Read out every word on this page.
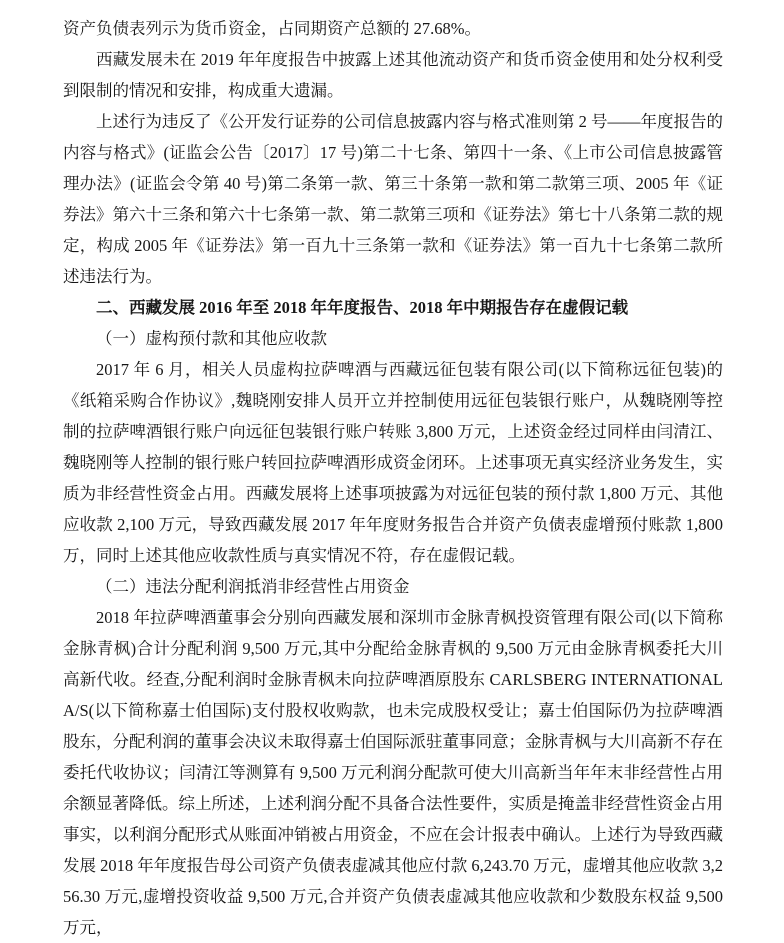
资产负债表列示为货币资金，占同期资产总额的 27.68%。

西藏发展未在 2019 年年度报告中披露上述其他流动资产和货币资金使用和处分权利受到限制的情况和安排，构成重大遗漏。

上述行为违反了《公开发行证券的公司信息披露内容与格式准则第 2 号——年度报告的内容与格式》(证监会公告〔2017〕17 号)第二十七条、第四十一条、《上市公司信息披露管理办法》(证监会令第 40 号)第二条第一款、第三十条第一款和第二款第三项、2005 年《证券法》第六十三条和第六十七条第一款、第二款第三项和《证券法》第七十八条第二款的规定，构成 2005 年《证券法》第一百九十三条第一款和《证券法》第一百九十七条第二款所述违法行为。

二、西藏发展 2016 年至 2018 年年度报告、2018 年中期报告存在虚假记载

（一）虚构预付款和其他应收款

2017 年 6 月，相关人员虚构拉萨啤酒与西藏远征包装有限公司(以下简称远征包装)的《纸箱采购合作协议》,魏晓刚安排人员开立并控制使用远征包装银行账户，从魏晓刚等控制的拉萨啤酒银行账户向远征包装银行账户转账 3,800 万元，上述资金经过同样由闫清江、魏晓刚等人控制的银行账户转回拉萨啤酒形成资金闭环。上述事项无真实经济业务发生，实质为非经营性资金占用。西藏发展将上述事项披露为对远征包装的预付款 1,800 万元、其他应收款 2,100 万元，导致西藏发展 2017 年年度财务报告合并资产负债表虚增预付账款 1,800 万，同时上述其他应收款性质与真实情况不符，存在虚假记载。

（二）违法分配利润抵消非经营性占用资金

2018 年拉萨啤酒董事会分别向西藏发展和深圳市金脉青枫投资管理有限公司(以下简称金脉青枫)合计分配利润 9,500 万元,其中分配给金脉青枫的 9,500 万元由金脉青枫委托大川高新代收。经查,分配利润时金脉青枫未向拉萨啤酒原股东 CARLSBERG INTERNATIONAL A/S(以下简称嘉士伯国际)支付股权收购款，也未完成股权受让；嘉士伯国际仍为拉萨啤酒股东，分配利润的董事会决议未取得嘉士伯国际派驻董事同意；金脉青枫与大川高新不存在委托代收协议；闫清江等测算有 9,500 万元利润分配款可使大川高新当年年末非经营性占用余额显著降低。综上所述，上述利润分配不具备合法性要件，实质是掩盖非经营性资金占用事实，以利润分配形式从账面冲销被占用资金，不应在会计报表中确认。上述行为导致西藏发展 2018 年年度报告母公司资产负债表虚减其他应付款 6,243.70 万元，虚增其他应收款 3,256.30 万元,虚增投资收益 9,500 万元,合并资产负债表虚减其他应收款和少数股东权益 9,500 万元，
